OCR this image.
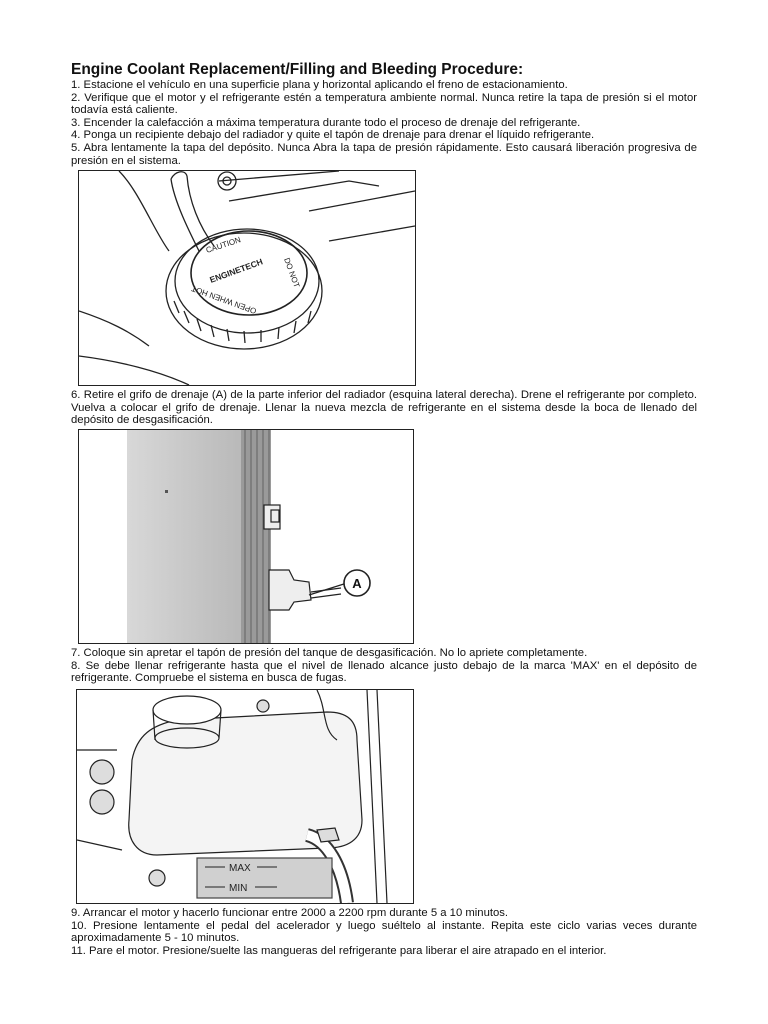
Engine Coolant Replacement/Filling and Bleeding Procedure:

1. Estacione el vehículo en una superficie plana y horizontal aplicando el freno de estacionamiento.

2. Verifique que el motor y el refrigerante estén a temperatura ambiente normal. Nunca retire la tapa de presión si el motor todavía está caliente.

3. Encender la calefacción a máxima temperatura durante todo el proceso de drenaje del refrigerante.

4. Ponga un recipiente debajo del radiador y quite el tapón de drenaje para drenar el líquido refrigerante.

5. Abra lentamente la tapa del depósito. Nunca Abra la tapa de presión rápidamente. Esto causará liberación progresiva de presión en el sistema.

CAUTION
ENGINETECH DO NOT
OPEN WHEN HOT

6. Retire el grifo de drenaje (A) de la parte inferior del radiador (esquina lateral derecha). Drene el refrigerante por completo. Vuelva a colocar el grifo de drenaje. Llenar la nueva mezcla de refrigerante en el sistema desde la boca de llenado del depósito de desgasificación.

A

7. Coloque sin apretar el tapón de presión del tanque de desgasificación. No lo apriete completamente.

8. Se debe llenar refrigerante hasta que el nivel de llenado alcance justo debajo de la marca 'MAX' en el depósito de refrigerante. Compruebe el sistema en busca de fugas.

MAX
MIN

9. Arrancar el motor y hacerlo funcionar entre 2000 a 2200 rpm durante 5 a 10 minutos.

10. Presione lentamente el pedal del acelerador y luego suéltelo al instante. Repita este ciclo varias veces durante aproximadamente 5 - 10 minutos.

11. Pare el motor. Presione/suelte las mangueras del refrigerante para liberar el aire atrapado en el interior.
